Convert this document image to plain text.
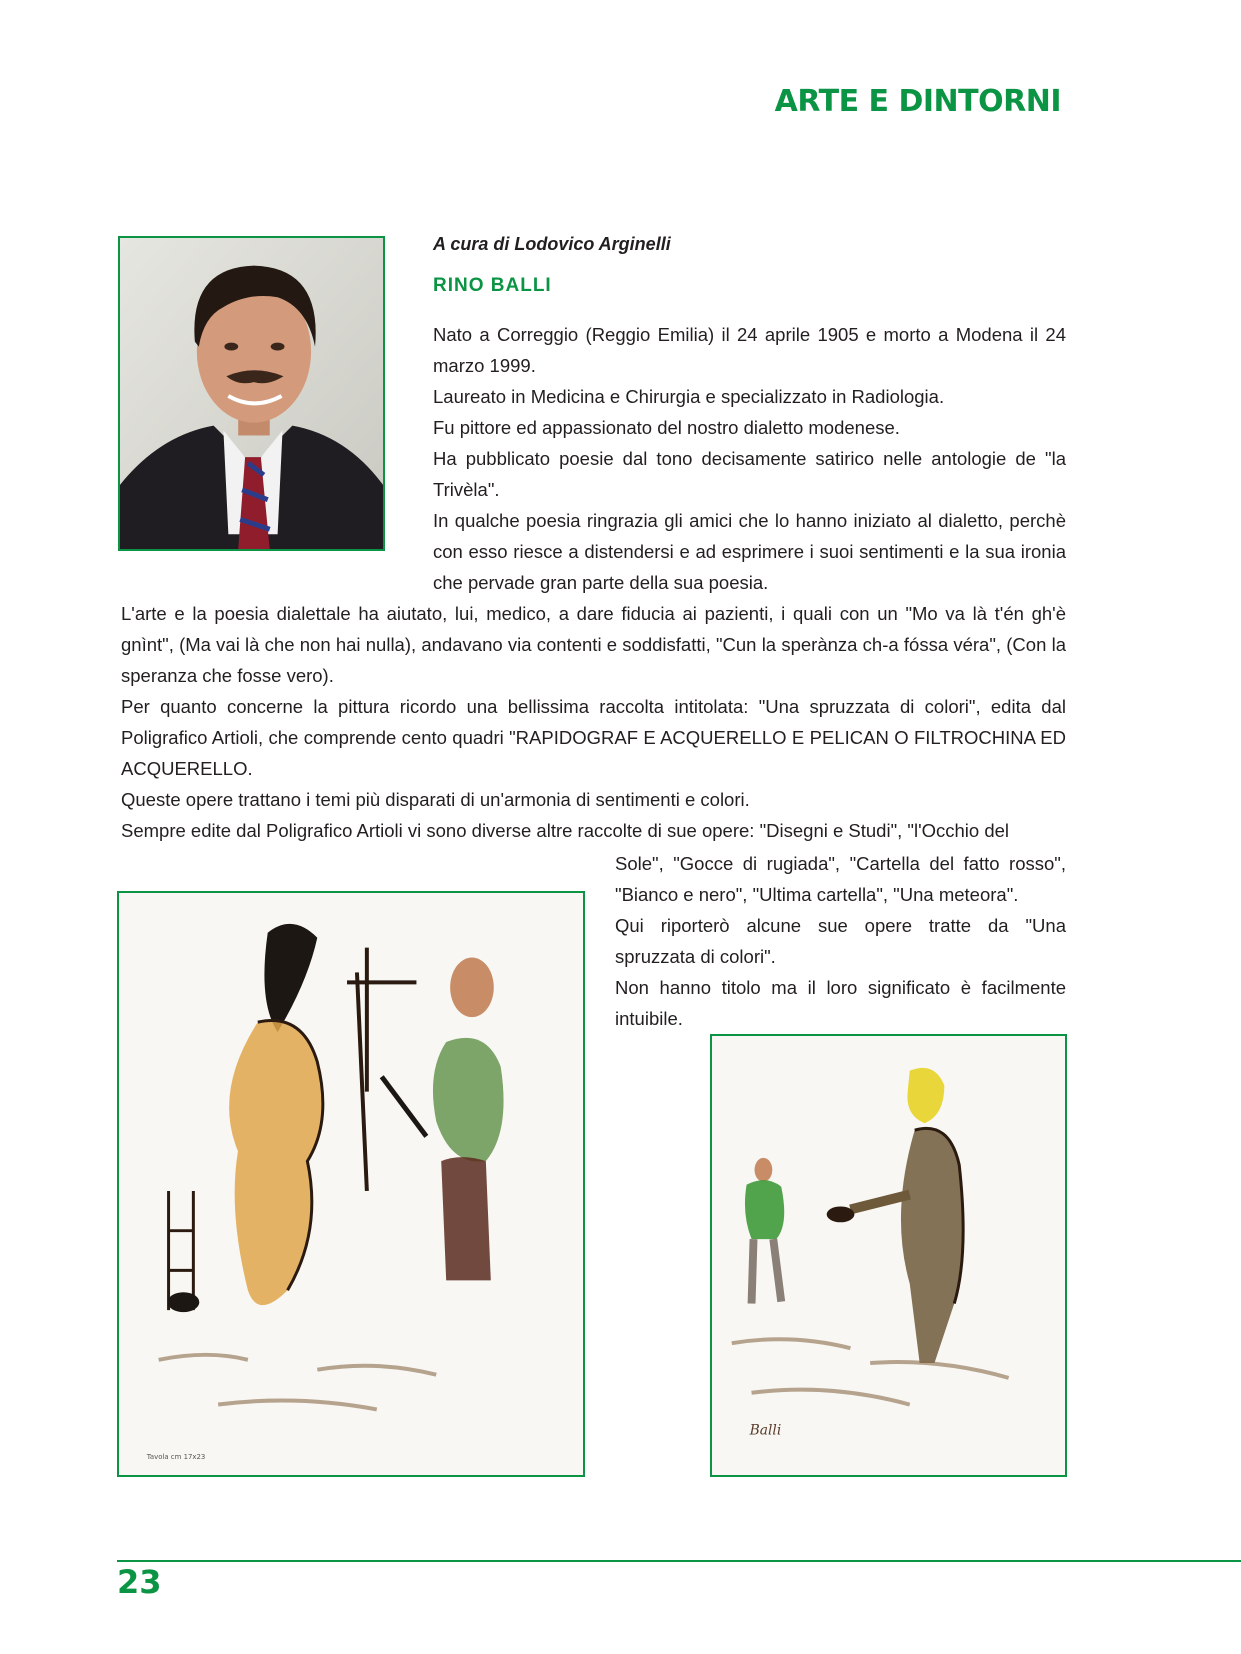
ARTE E DINTORNI

A cura di Lodovico Arginelli

RINO BALLI

Nato a Correggio (Reggio Emilia) il 24 aprile 1905 e morto a Modena il 24 marzo 1999.

Laureato in Medicina e Chirurgia e specializzato in Radiologia.

Fu pittore ed appassionato del nostro dialetto modenese.

Ha pubblicato poesie dal tono decisamente satirico nelle antologie de "la Trivèla".

In qualche poesia ringrazia gli amici che lo hanno iniziato al dialetto, perchè con esso riesce a distendersi e ad esprimere i suoi sentimenti e la sua ironia che pervade gran parte della sua poesia.

L'arte e la poesia dialettale ha aiutato, lui, medico, a dare fiducia ai pazienti, i quali con un "Mo va là t'én gh'è gnìnt", (Ma vai là che non hai nulla), andavano via contenti e soddisfatti, "Cun la sperànza ch-a fóssa véra", (Con la speranza che fosse vero).

Per quanto concerne la pittura ricordo una bellissima raccolta intitolata: "Una spruzzata di colori", edita dal Poligrafico Artioli, che comprende cento quadri "RAPIDOGRAF E ACQUERELLO E PELICAN O FILTROCHINA ED ACQUERELLO.

Queste opere trattano i temi più disparati di un'armonia di sentimenti e colori.

Sempre edite dal Poligrafico Artioli vi sono diverse altre raccolte di sue opere: "Disegni e Studi", "l'Occhio del

Sole", "Gocce di rugiada", "Cartella del fatto rosso", "Bianco e nero", "Ultima cartella", "Una meteora".

Qui riporterò alcune sue opere tratte da "Una spruzzata di colori".

Non hanno titolo ma il loro significato è facilmente intuibile.

Tavola cm 17x23
Balli

23
